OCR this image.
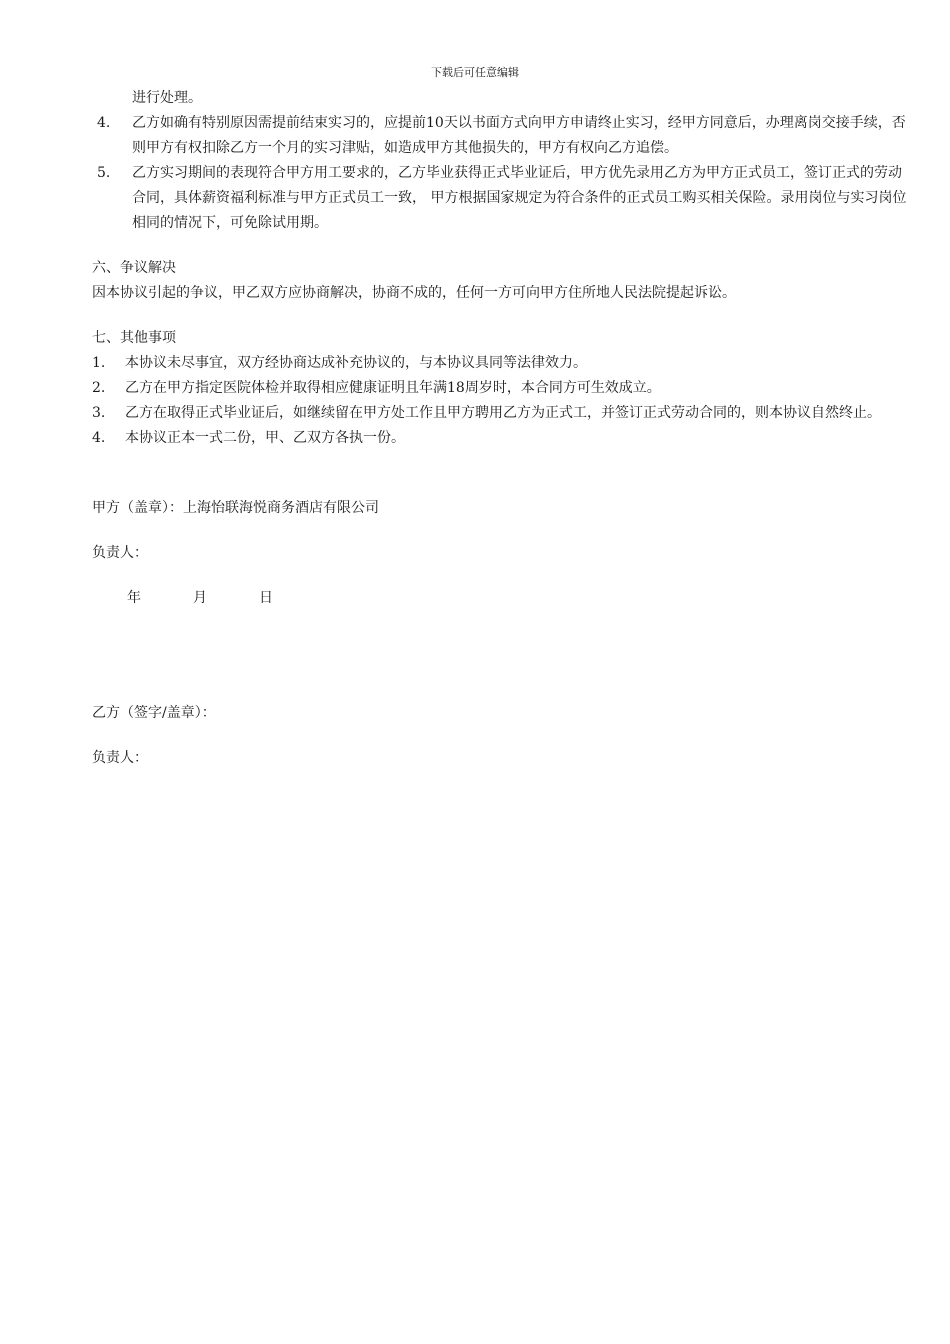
下载后可任意编辑

进行处理。

4. 乙方如确有特别原因需提前结束实习的，应提前10天以书面方式向甲方申请终止实习，经甲方同意后，办理离岗交接手续，否则甲方有权扣除乙方一个月的实习津贴，如造成甲方其他损失的，甲方有权向乙方追偿。
5. 乙方实习期间的表现符合甲方用工要求的，乙方毕业获得正式毕业证后，甲方优先录用乙方为甲方正式员工，签订正式的劳动合同，具体薪资福利标准与甲方正式员工一致， 甲方根据国家规定为符合条件的正式员工购买相关保险。录用岗位与实习岗位相同的情况下，可免除试用期。
六、争议解决

因本协议引起的争议，甲乙双方应协商解决，协商不成的，任何一方可向甲方住所地人民法院提起诉讼。

七、其他事项
1. 本协议未尽事宜，双方经协商达成补充协议的，与本协议具同等法律效力。
2. 乙方在甲方指定医院体检并取得相应健康证明且年满18周岁时，本合同方可生效成立。
3. 乙方在取得正式毕业证后，如继续留在甲方处工作且甲方聘用乙方为正式工，并签订正式劳动合同的，则本协议自然终止。
4. 本协议正本一式二份，甲、乙双方各执一份。

甲方（盖章）：上海怡联海悦商务酒店有限公司

负责人：

年	月	日

乙方（签字/盖章）：

负责人：
